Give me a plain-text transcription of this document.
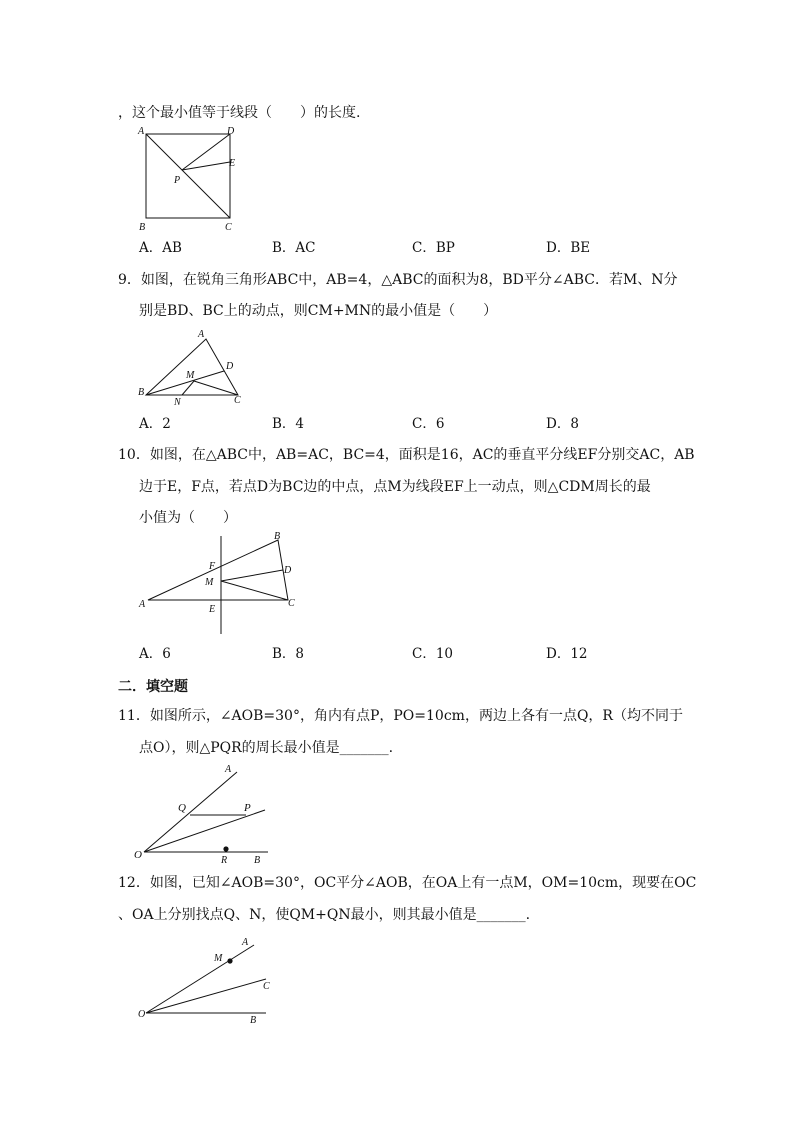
，这个最小值等于线段（　　）的长度.
A	D
E
P
B	C
A．AB	B．AC	C．BP	D．BE
9．如图，在锐角三角形ABC中，AB=4，△ABC的面积为8，BD平分∠ABC．若M、N分
别是BD、BC上的动点，则CM+MN的最小值是（　　）
A
D
M
B
N	C
A．2	B．4	C．6	D．8
10．如图，在△ABC中，AB=AC，BC=4，面积是16，AC的垂直平分线EF分别交AC，AB
边于E，F点，若点D为BC边的中点，点M为线段EF上一动点，则△CDM周长的最
小值为（　　）
B
F
M
D
A	E
C
A．6	B．8	C．10	D．12
二．填空题
11．如图所示，∠AOB=30°，角内有点P，PO=10cm，两边上各有一点Q，R（均不同于
点O），则△PQR的周长最小值是_______.
A
Q	P
O	R	B
12．如图，已知∠AOB=30°，OC平分∠AOB，在OA上有一点M，OM=10cm，现要在OC
、OA上分别找点Q、N，使QM+QN最小，则其最小值是_______.
A
M
C
O
B
